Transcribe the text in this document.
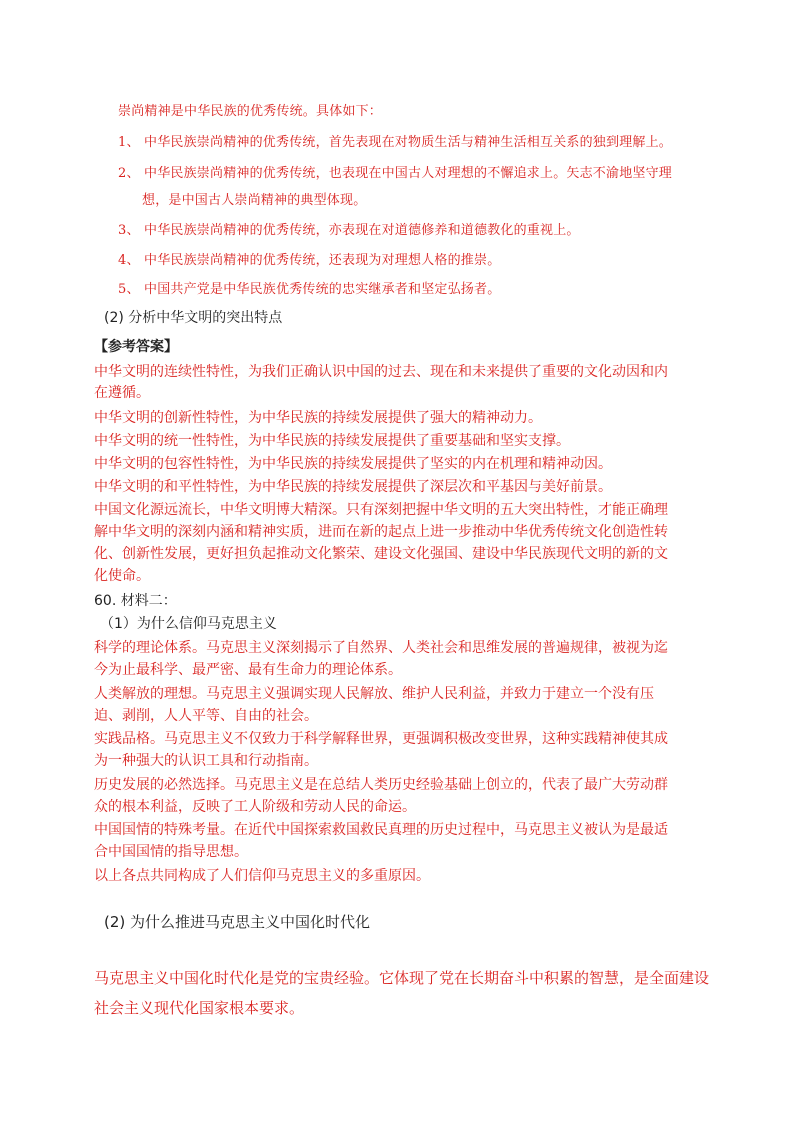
崇尚精神是中华民族的优秀传统。具体如下：
1、 中华民族崇尚精神的优秀传统，首先表现在对物质生活与精神生活相互关系的独到理解上。
2、 中华民族崇尚精神的优秀传统，也表现在中国古人对理想的不懈追求上。矢志不渝地坚守理
想，是中国古人崇尚精神的典型体现。
3、 中华民族崇尚精神的优秀传统，亦表现在对道德修养和道德教化的重视上。
4、 中华民族崇尚精神的优秀传统，还表现为对理想人格的推崇。
5、 中国共产党是中华民族优秀传统的忠实继承者和坚定弘扬者。
(2) 分析中华文明的突出特点
【参考答案】
中华文明的连续性特性，为我们正确认识中国的过去、现在和未来提供了重要的文化动因和内
在遵循。
中华文明的创新性特性，为中华民族的持续发展提供了强大的精神动力。
中华文明的统一性特性，为中华民族的持续发展提供了重要基础和坚实支撑。
中华文明的包容性特性，为中华民族的持续发展提供了坚实的内在机理和精神动因。
中华文明的和平性特性，为中华民族的持续发展提供了深层次和平基因与美好前景。
中国文化源远流长，中华文明博大精深。只有深刻把握中华文明的五大突出特性，才能正确理
解中华文明的深刻内涵和精神实质，进而在新的起点上进一步推动中华优秀传统文化创造性转
化、创新性发展，更好担负起推动文化繁荣、建设文化强国、建设中华民族现代文明的新的文
化使命。
60. 材料二：
（1）为什么信仰马克思主义
科学的理论体系。马克思主义深刻揭示了自然界、人类社会和思维发展的普遍规律，被视为迄
今为止最科学、最严密、最有生命力的理论体系。
人类解放的理想。马克思主义强调实现人民解放、维护人民利益，并致力于建立一个没有压
迫、剥削，人人平等、自由的社会。
实践品格。马克思主义不仅致力于科学解释世界，更强调积极改变世界，这种实践精神使其成
为一种强大的认识工具和行动指南。
历史发展的必然选择。马克思主义是在总结人类历史经验基础上创立的，代表了最广大劳动群
众的根本利益，反映了工人阶级和劳动人民的命运。
中国国情的特殊考量。在近代中国探索救国救民真理的历史过程中，马克思主义被认为是最适
合中国国情的指导思想。
以上各点共同构成了人们信仰马克思主义的多重原因。
(2) 为什么推进马克思主义中国化时代化
马克思主义中国化时代化是党的宝贵经验。它体现了党在长期奋斗中积累的智慧，是全面建设
社会主义现代化国家根本要求。
